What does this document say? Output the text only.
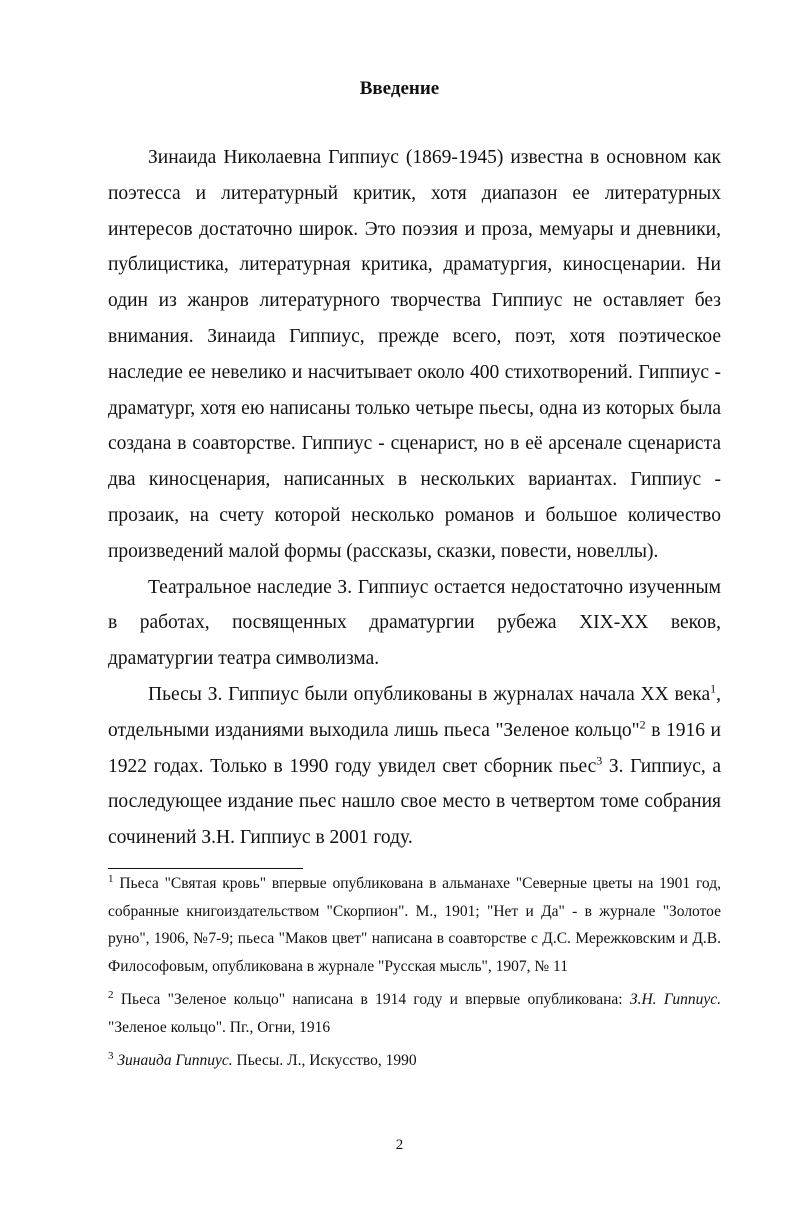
Введение

Зинаида Николаевна Гиппиус (1869-1945) известна в основном как поэтесса и литературный критик, хотя диапазон ее литературных интересов достаточно широк. Это поэзия и проза, мемуары и дневники, публицистика, литературная критика, драматургия, киносценарии. Ни один из жанров литературного творчества Гиппиус не оставляет без внимания. Зинаида Гиппиус, прежде всего, поэт, хотя поэтическое наследие ее невелико и насчитывает около 400 стихотворений. Гиппиус - драматург, хотя ею написаны только четыре пьесы, одна из которых была создана в соавторстве. Гиппиус - сценарист, но в её арсенале сценариста два киносценария, написанных в нескольких вариантах. Гиппиус - прозаик, на счету которой несколько романов и большое количество произведений малой формы (рассказы, сказки, повести, новеллы).

Театральное наследие З. Гиппиус остается недостаточно изученным в работах, посвященных драматургии рубежа XIX-XX веков, драматургии театра символизма.

Пьесы З. Гиппиус были опубликованы в журналах начала XX века$^1$, отдельными изданиями выходила лишь пьеса "Зеленое кольцо"$^2$ в 1916 и 1922 годах. Только в 1990 году увидел свет сборник пьес$^3$ З. Гиппиус, а последующее издание пьес нашло свое место в четвертом томе собрания сочинений З.Н. Гиппиус в 2001 году.

$^1$ Пьеса "Святая кровь" впервые опубликована в альманахе "Северные цветы на 1901 год, собранные книгоиздательством "Скорпион". М., 1901; "Нет и Да" - в журнале "Золотое руно", 1906, №7-9; пьеса "Маков цвет" написана в соавторстве с Д.С. Мережковским и Д.В. Философовым, опубликована в журнале "Русская мысль", 1907, № 11

$^2$ Пьеса "Зеленое кольцо" написана в 1914 году и впервые опубликована: З.Н. Гиппиус. "Зеленое кольцо". Пг., Огни, 1916

$^3$ Зинаида Гиппиус. Пьесы. Л., Искусство, 1990

2
